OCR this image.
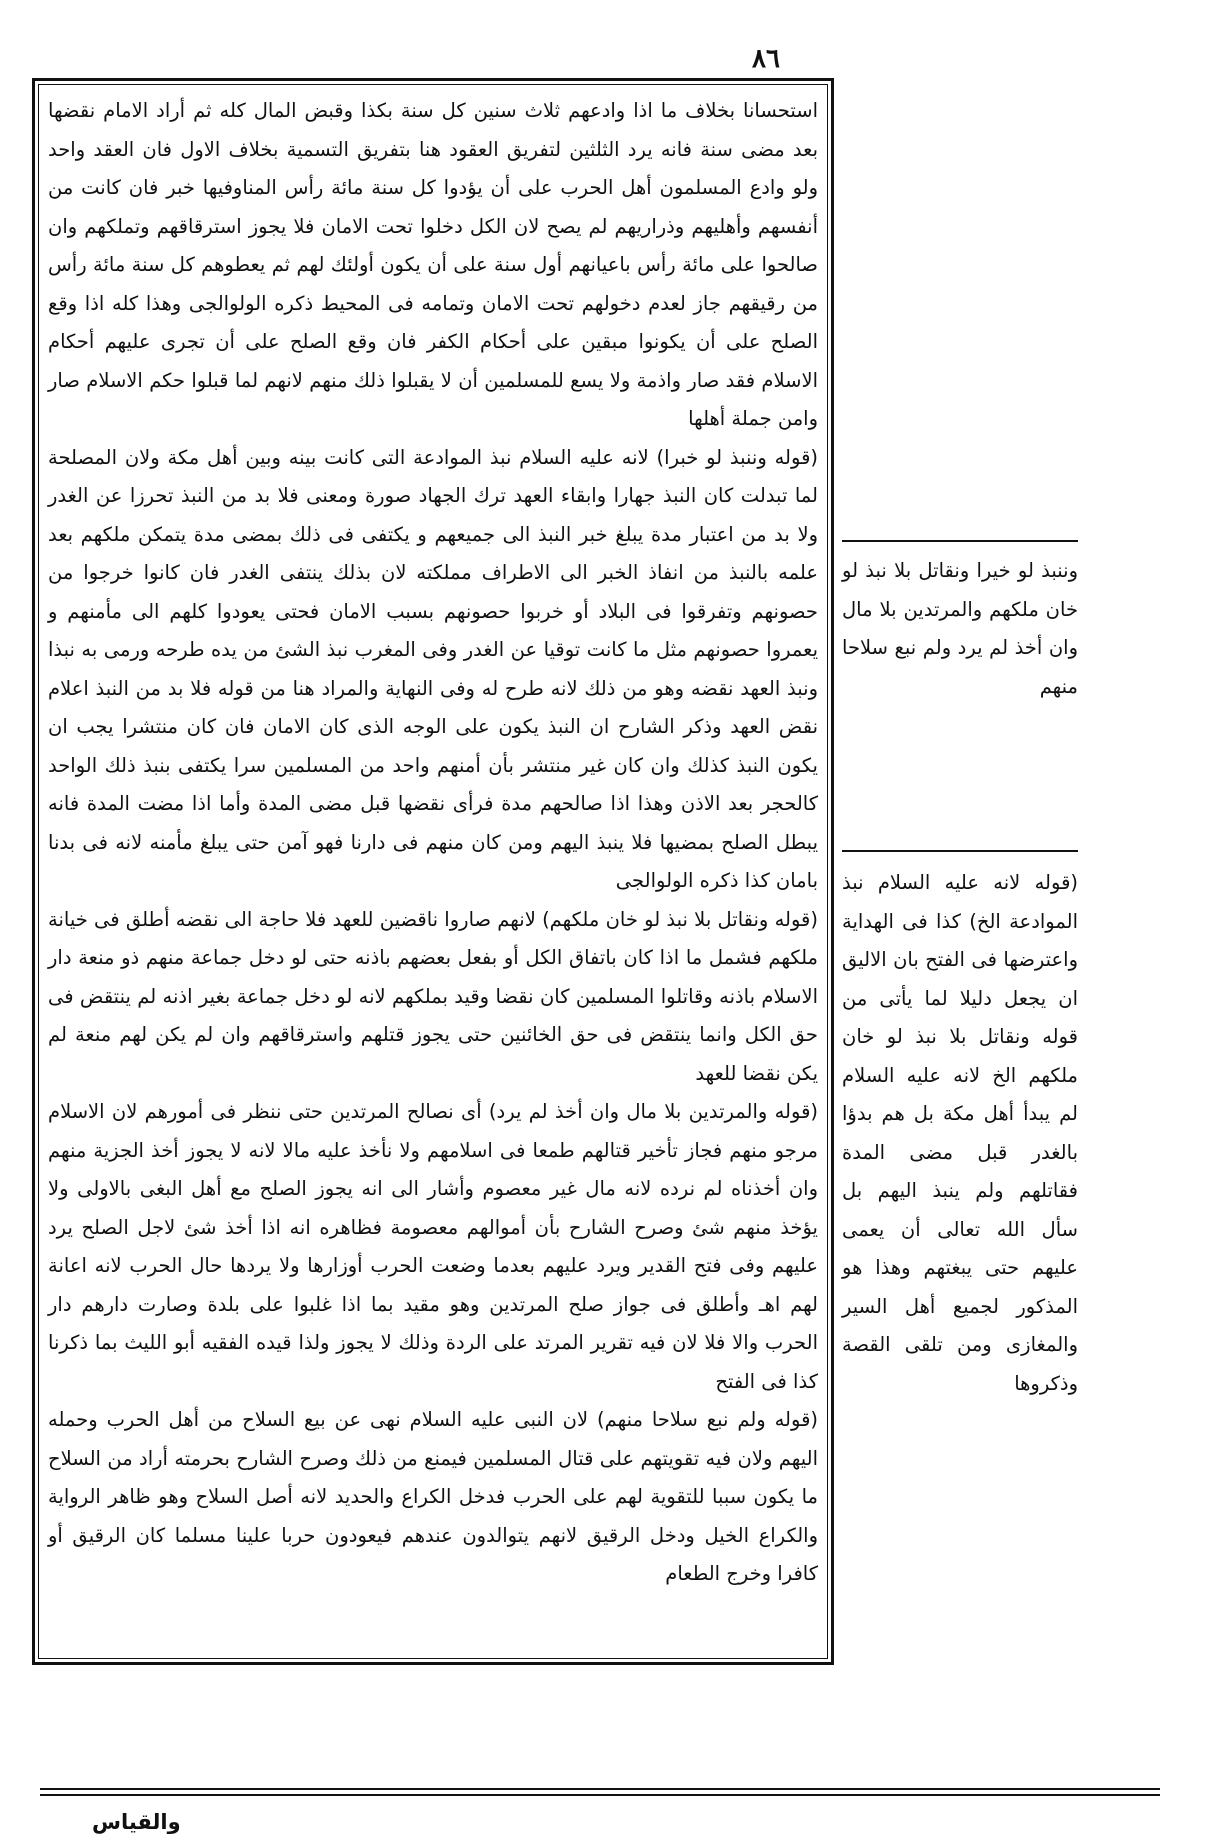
٨٦

استحسانا بخلاف ما اذا وادعهم ثلاث سنين كل سنة بكذا وقبض المال كله ثم أراد الامام نقضها بعد مضى سنة فانه يرد الثلثين لتفريق العقود هنا بتفريق التسمية بخلاف الاول فان العقد واحد ولو وادع المسلمون أهل الحرب على أن يؤدوا كل سنة مائة رأس المناوفيها خبر فان كانت من أنفسهم وأهليهم وذراريهم لم يصح لان الكل دخلوا تحت الامان فلا يجوز استرقاقهم وتملكهم وان صالحوا على مائة رأس باعيانهم أول سنة على أن يكون أولئك لهم ثم يعطوهم كل سنة مائة رأس من رقيقهم جاز لعدم دخولهم تحت الامان وتمامه فى المحيط ذكره الولوالجى وهذا كله اذا وقع الصلح على أن يكونوا مبقين على أحكام الكفر فان وقع الصلح على أن تجرى عليهم أحكام الاسلام فقد صار واذمة ولا يسع للمسلمين أن لا يقبلوا ذلك منهم لانهم لما قبلوا حكم الاسلام صار وامن جملة أهلها

(قوله وننبذ لو خبرا) لانه عليه السلام نبذ الموادعة التى كانت بينه وبين أهل مكة ولان المصلحة لما تبدلت كان النبذ جهارا وابقاء العهد ترك الجهاد صورة ومعنى فلا بد من النبذ تحرزا عن الغدر ولا بد من اعتبار مدة يبلغ خبر النبذ الى جميعهم و يكتفى فى ذلك بمضى مدة يتمكن ملكهم بعد علمه بالنبذ من انفاذ الخبر الى الاطراف مملكته لان بذلك ينتفى الغدر فان كانوا خرجوا من حصونهم وتفرقوا فى البلاد أو خربوا حصونهم بسبب الامان فحتى يعودوا كلهم الى مأمنهم و يعمروا حصونهم مثل ما كانت توقيا عن الغدر وفى المغرب نبذ الشئ من يده طرحه ورمى به نبذا ونبذ العهد نقضه وهو من ذلك لانه طرح له وفى النهاية والمراد هنا من قوله فلا بد من النبذ اعلام نقض العهد وذكر الشارح ان النبذ يكون على الوجه الذى كان الامان فان كان منتشرا يجب ان يكون النبذ كذلك وان كان غير منتشر بأن أمنهم واحد من المسلمين سرا يكتفى بنبذ ذلك الواحد كالحجر بعد الاذن وهذا اذا صالحهم مدة فرأى نقضها قبل مضى المدة وأما اذا مضت المدة فانه يبطل الصلح بمضيها فلا ينبذ اليهم ومن كان منهم فى دارنا فهو آمن حتى يبلغ مأمنه لانه فى بدنا بامان كذا ذكره الولوالجى

(قوله ونقاتل بلا نبذ لو خان ملكهم) لانهم صاروا ناقضين للعهد فلا حاجة الى نقضه أطلق فى خيانة ملكهم فشمل ما اذا كان باتفاق الكل أو بفعل بعضهم باذنه حتى لو دخل جماعة منهم ذو منعة دار الاسلام باذنه وقاتلوا المسلمين كان نقضا وقيد بملكهم لانه لو دخل جماعة بغير اذنه لم ينتقض فى حق الكل وانما ينتقض فى حق الخائنين حتى يجوز قتلهم واسترقاقهم وان لم يكن لهم منعة لم يكن نقضا للعهد

(قوله والمرتدين بلا مال وان أخذ لم يرد) أى نصالح المرتدين حتى ننظر فى أمورهم لان الاسلام مرجو منهم فجاز تأخير قتالهم طمعا فى اسلامهم ولا نأخذ عليه مالا لانه لا يجوز أخذ الجزية منهم وان أخذناه لم نرده لانه مال غير معصوم وأشار الى انه يجوز الصلح مع أهل البغى بالاولى ولا يؤخذ منهم شئ وصرح الشارح بأن أموالهم معصومة فظاهره انه اذا أخذ شئ لاجل الصلح يرد عليهم وفى فتح القدير ويرد عليهم بعدما وضعت الحرب أوزارها ولا يردها حال الحرب لانه اعانة لهم اهـ وأطلق فى جواز صلح المرتدين وهو مقيد بما اذا غلبوا على بلدة وصارت دارهم دار الحرب والا فلا لان فيه تقرير المرتد على الردة وذلك لا يجوز ولذا قيده الفقيه أبو الليث بما ذكرنا كذا فى الفتح

(قوله ولم نبع سلاحا منهم) لان النبى عليه السلام نهى عن بيع السلاح من أهل الحرب وحمله اليهم ولان فيه تقويتهم على قتال المسلمين فيمنع من ذلك وصرح الشارح بحرمته أراد من السلاح ما يكون سببا للتقوية لهم على الحرب فدخل الكراع والحديد لانه أصل السلاح وهو ظاهر الرواية والكراع الخيل ودخل الرقيق لانهم يتوالدون عندهم فيعودون حربا علينا مسلما كان الرقيق أو كافرا وخرج الطعام

والقياس
وننبذ لو خيرا ونقاتل بلا نبذ لو خان ملكهم والمرتدين بلا مال وان أخذ لم يرد ولم نبع سلاحا منهم
(قوله لانه عليه السلام نبذ الموادعة الخ) كذا فى الهداية واعترضها فى الفتح بان الاليق ان يجعل دليلا لما يأتى من قوله ونقاتل بلا نبذ لو خان ملكهم الخ لانه عليه السلام لم يبدأ أهل مكة بل هم بدؤا بالغدر قبل مضى المدة فقاتلهم ولم ينبذ اليهم بل سأل الله تعالى أن يعمى عليهم حتى يبغتهم وهذا هو المذكور لجميع أهل السير والمغازى ومن تلقى القصة وذكروها
